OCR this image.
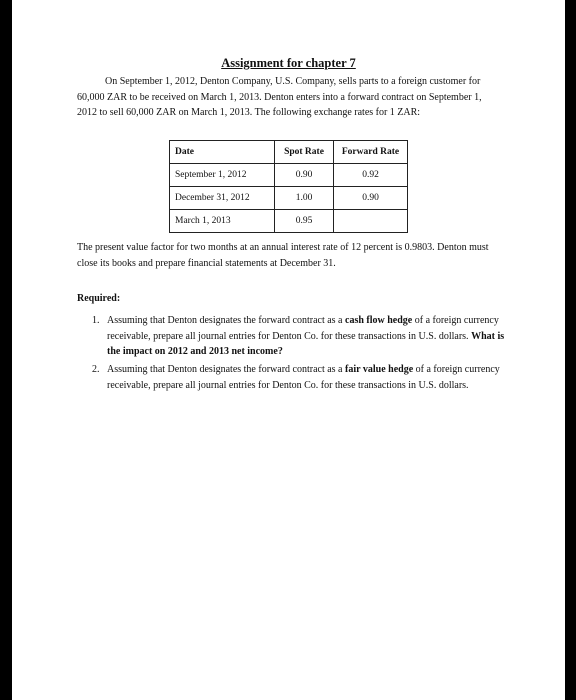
Assignment for chapter 7
On September 1, 2012, Denton Company, U.S. Company, sells parts to a foreign customer for 60,000 ZAR to be received on March 1, 2013. Denton enters into a forward contract on September 1, 2012 to sell 60,000 ZAR on March 1, 2013. The following exchange rates for 1 ZAR:
Date	Spot Rate	Forward Rate
September 1, 2012	0.90	0.92
December 31, 2012	1.00	0.90
March 1, 2013	0.95	
The present value factor for two months at an annual interest rate of 12 percent is 0.9803. Denton must close its books and prepare financial statements at December 31.
Required:
1. Assuming that Denton designates the forward contract as a cash flow hedge of a foreign currency receivable, prepare all journal entries for Denton Co. for these transactions in U.S. dollars. What is the impact on 2012 and 2013 net income?
2. Assuming that Denton designates the forward contract as a fair value hedge of a foreign currency receivable, prepare all journal entries for Denton Co. for these transactions in U.S. dollars.
